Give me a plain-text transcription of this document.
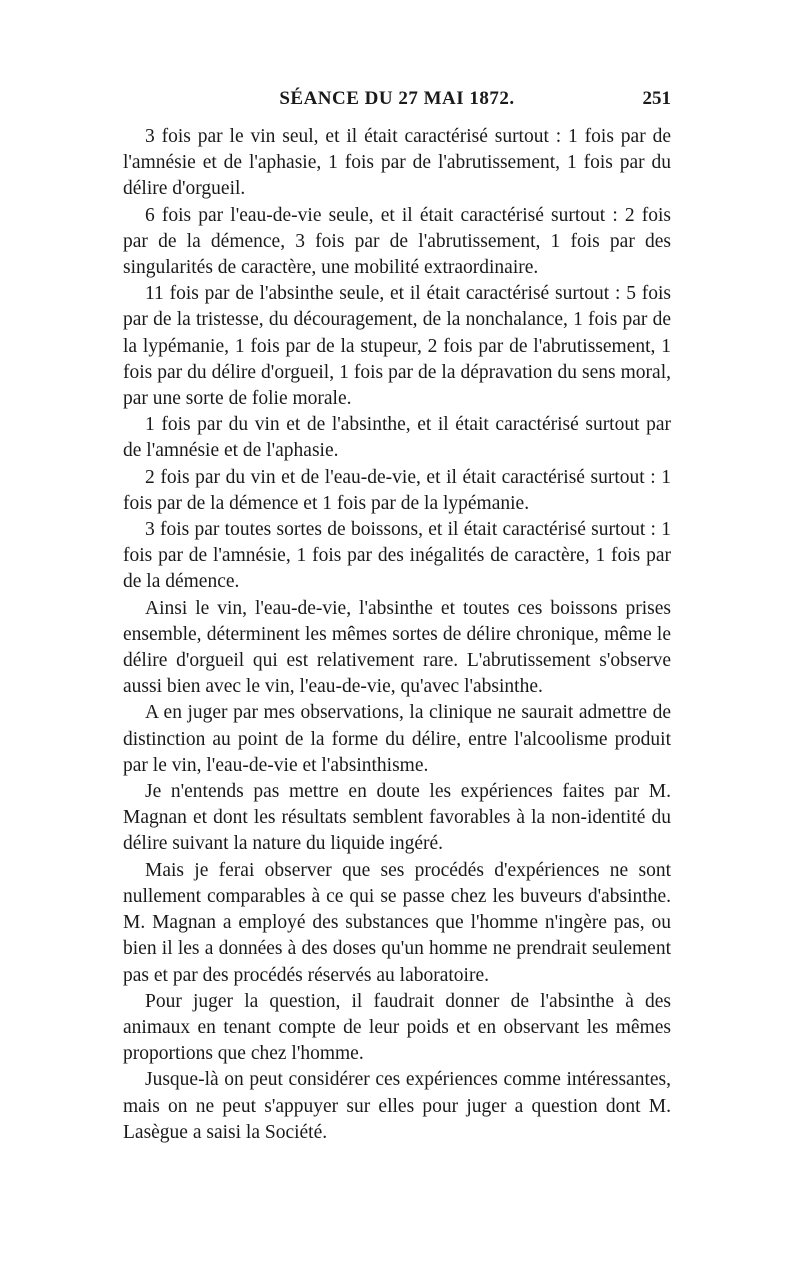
SÉANCE DU 27 MAI 1872.	251

3 fois par le vin seul, et il était caractérisé surtout : 1 fois par de l'amnésie et de l'aphasie, 1 fois par de l'abrutissement, 1 fois par du délire d'orgueil.

6 fois par l'eau-de-vie seule, et il était caractérisé surtout : 2 fois par de la démence, 3 fois par de l'abrutissement, 1 fois par des singularités de caractère, une mobilité extraordinaire.

11 fois par de l'absinthe seule, et il était caractérisé surtout : 5 fois par de la tristesse, du découragement, de la nonchalance, 1 fois par de la lypémanie, 1 fois par de la stupeur, 2 fois par de l'abrutissement, 1 fois par du délire d'orgueil, 1 fois par de la dépravation du sens moral, par une sorte de folie morale.

1 fois par du vin et de l'absinthe, et il était caractérisé surtout par de l'amnésie et de l'aphasie.

2 fois par du vin et de l'eau-de-vie, et il était caractérisé surtout : 1 fois par de la démence et 1 fois par de la lypémanie.

3 fois par toutes sortes de boissons, et il était caractérisé surtout : 1 fois par de l'amnésie, 1 fois par des inégalités de caractère, 1 fois par de la démence.

Ainsi le vin, l'eau-de-vie, l'absinthe et toutes ces boissons prises ensemble, déterminent les mêmes sortes de délire chronique, même le délire d'orgueil qui est relativement rare. L'abrutissement s'observe aussi bien avec le vin, l'eau-de-vie, qu'avec l'absinthe.

A en juger par mes observations, la clinique ne saurait admettre de distinction au point de la forme du délire, entre l'alcoolisme produit par le vin, l'eau-de-vie et l'absinthisme.

Je n'entends pas mettre en doute les expériences faites par M. Magnan et dont les résultats semblent favorables à la non-identité du délire suivant la nature du liquide ingéré.

Mais je ferai observer que ses procédés d'expériences ne sont nullement comparables à ce qui se passe chez les buveurs d'absinthe. M. Magnan a employé des substances que l'homme n'ingère pas, ou bien il les a données à des doses qu'un homme ne prendrait seulement pas et par des procédés réservés au laboratoire.

Pour juger la question, il faudrait donner de l'absinthe à des animaux en tenant compte de leur poids et en observant les mêmes proportions que chez l'homme.

Jusque-là on peut considérer ces expériences comme intéressantes, mais on ne peut s'appuyer sur elles pour juger a question dont M. Lasègue a saisi la Société.
